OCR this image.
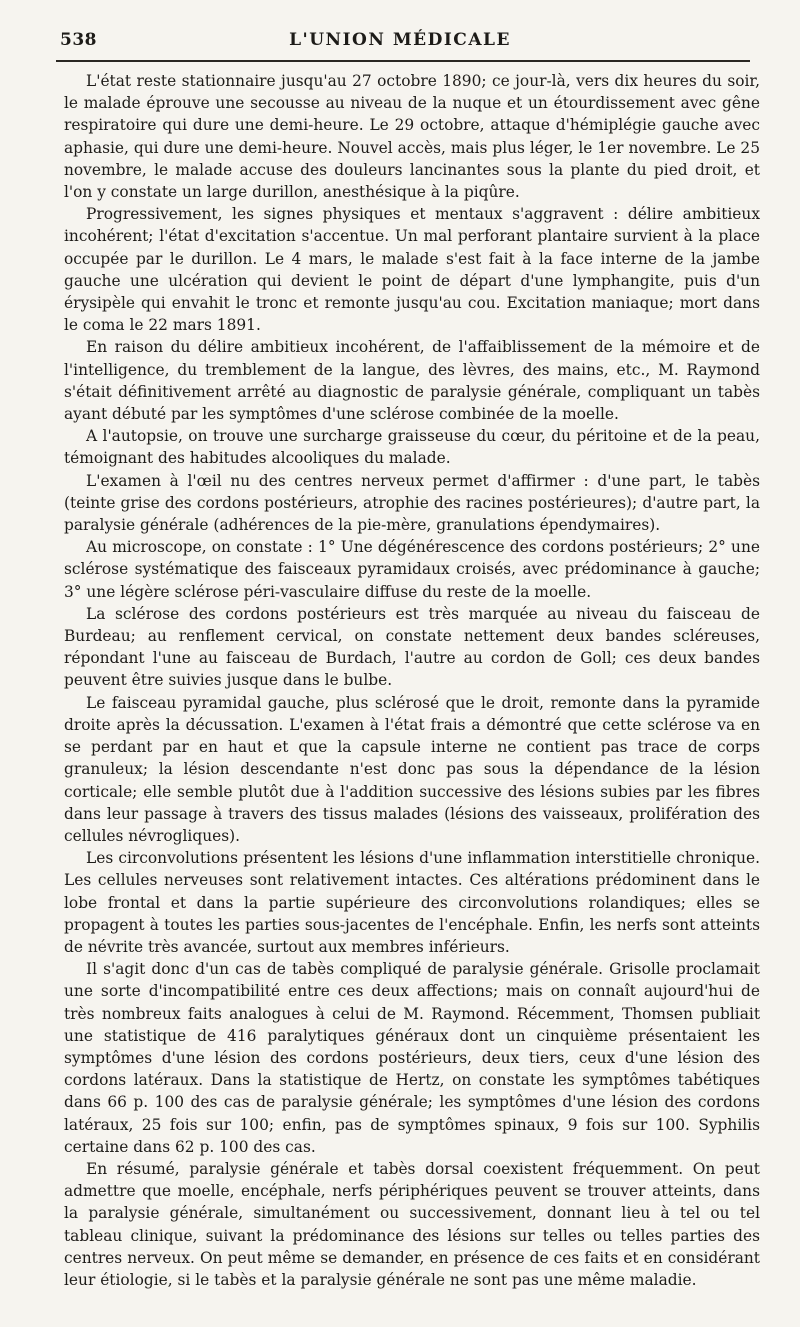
538	L'UNION MÉDICALE

L'état reste stationnaire jusqu'au 27 octobre 1890; ce jour-là, vers dix heures du soir, le malade éprouve une secousse au niveau de la nuque et un étourdissement avec gêne respiratoire qui dure une demi-heure. Le 29 octobre, attaque d'hémiplégie gauche avec aphasie, qui dure une demi-heure. Nouvel accès, mais plus léger, le 1er novembre. Le 25 novembre, le malade accuse des douleurs lancinantes sous la plante du pied droit, et l'on y constate un large durillon, anesthésique à la piqûre.

Progressivement, les signes physiques et mentaux s'aggravent : délire ambitieux incohérent; l'état d'excitation s'accentue. Un mal perforant plantaire survient à la place occupée par le durillon. Le 4 mars, le malade s'est fait à la face interne de la jambe gauche une ulcération qui devient le point de départ d'une lymphangite, puis d'un érysipèle qui envahit le tronc et remonte jusqu'au cou. Excitation maniaque; mort dans le coma le 22 mars 1891.

En raison du délire ambitieux incohérent, de l'affaiblissement de la mémoire et de l'intelligence, du tremblement de la langue, des lèvres, des mains, etc., M. Raymond s'était définitivement arrêté au diagnostic de paralysie générale, compliquant un tabès ayant débuté par les symptômes d'une sclérose combinée de la moelle.

A l'autopsie, on trouve une surcharge graisseuse du cœur, du péritoine et de la peau, témoignant des habitudes alcooliques du malade.

L'examen à l'œil nu des centres nerveux permet d'affirmer : d'une part, le tabès (teinte grise des cordons postérieurs, atrophie des racines postérieures); d'autre part, la paralysie générale (adhérences de la pie-mère, granulations épendymaires).

Au microscope, on constate : 1° Une dégénérescence des cordons postérieurs; 2° une sclérose systématique des faisceaux pyramidaux croisés, avec prédominance à gauche; 3° une légère sclérose péri-vasculaire diffuse du reste de la moelle.

La sclérose des cordons postérieurs est très marquée au niveau du faisceau de Burdeau; au renflement cervical, on constate nettement deux bandes scléreuses, répondant l'une au faisceau de Burdach, l'autre au cordon de Goll; ces deux bandes peuvent être suivies jusque dans le bulbe.

Le faisceau pyramidal gauche, plus sclérosé que le droit, remonte dans la pyramide droite après la décussation. L'examen à l'état frais a démontré que cette sclérose va en se perdant par en haut et que la capsule interne ne contient pas trace de corps granuleux; la lésion descendante n'est donc pas sous la dépendance de la lésion corticale; elle semble plutôt due à l'addition successive des lésions subies par les fibres dans leur passage à travers des tissus malades (lésions des vaisseaux, prolifération des cellules névrogliques).

Les circonvolutions présentent les lésions d'une inflammation interstitielle chronique. Les cellules nerveuses sont relativement intactes. Ces altérations prédominent dans le lobe frontal et dans la partie supérieure des circonvolutions rolandiques; elles se propagent à toutes les parties sous-jacentes de l'encéphale. Enfin, les nerfs sont atteints de névrite très avancée, surtout aux membres inférieurs.

Il s'agit donc d'un cas de tabès compliqué de paralysie générale. Grisolle proclamait une sorte d'incompatibilité entre ces deux affections; mais on connaît aujourd'hui de très nombreux faits analogues à celui de M. Raymond. Récemment, Thomsen publiait une statistique de 416 paralytiques généraux dont un cinquième présentaient les symptômes d'une lésion des cordons postérieurs, deux tiers, ceux d'une lésion des cordons latéraux. Dans la statistique de Hertz, on constate les symptômes tabétiques dans 66 p. 100 des cas de paralysie générale; les symptômes d'une lésion des cordons latéraux, 25 fois sur 100; enfin, pas de symptômes spinaux, 9 fois sur 100. Syphilis certaine dans 62 p. 100 des cas.

En résumé, paralysie générale et tabès dorsal coexistent fréquemment. On peut admettre que moelle, encéphale, nerfs périphériques peuvent se trouver atteints, dans la paralysie générale, simultanément ou successivement, donnant lieu à tel ou tel tableau clinique, suivant la prédominance des lésions sur telles ou telles parties des centres nerveux. On peut même se demander, en présence de ces faits et en considérant leur étiologie, si le tabès et la paralysie générale ne sont pas une même maladie.
